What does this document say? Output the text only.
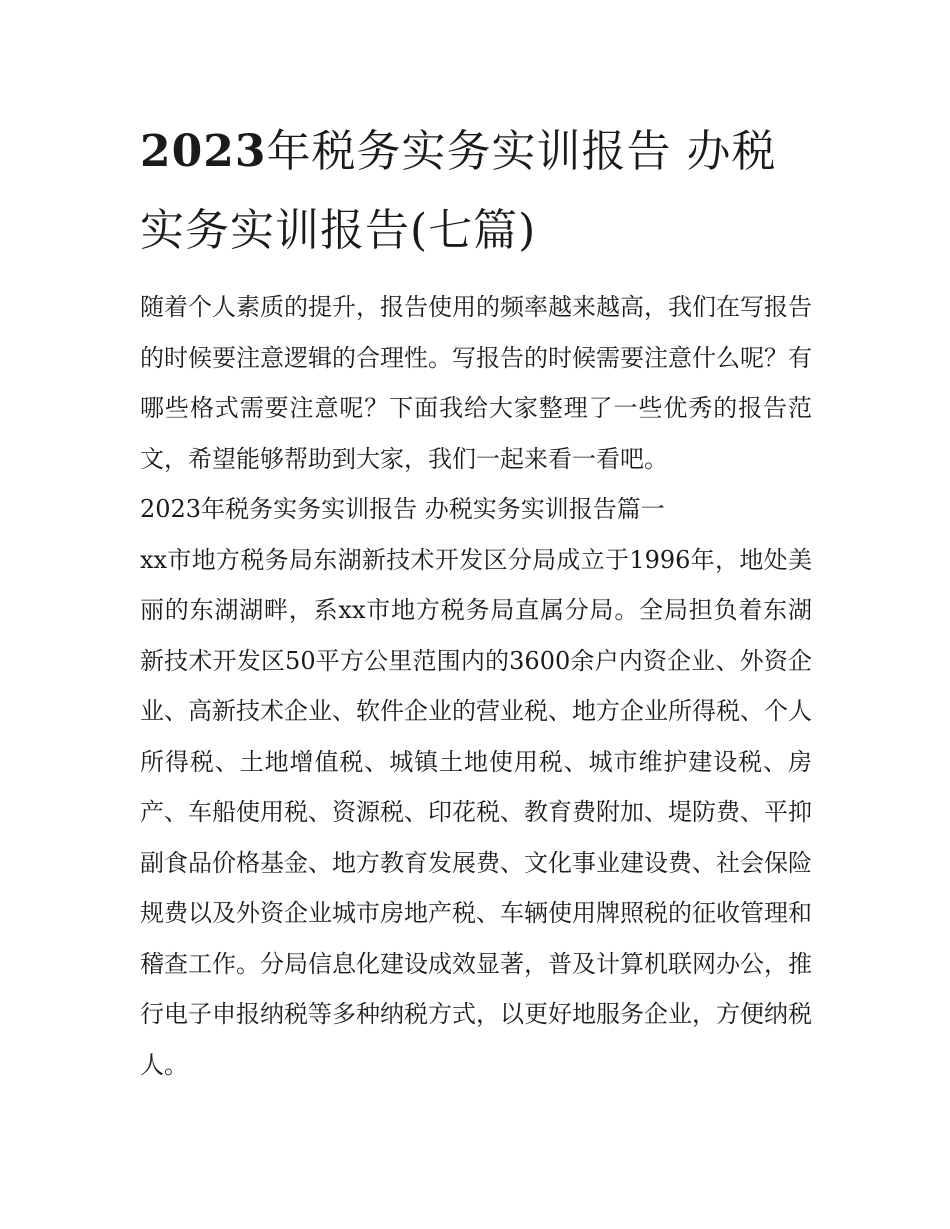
2023年税务实务实训报告 办税实务实训报告(七篇)

随着个人素质的提升，报告使用的频率越来越高，我们在写报告的时候要注意逻辑的合理性。写报告的时候需要注意什么呢？有哪些格式需要注意呢？下面我给大家整理了一些优秀的报告范文，希望能够帮助到大家，我们一起来看一看吧。

2023年税务实务实训报告 办税实务实训报告篇一

xx市地方税务局东湖新技术开发区分局成立于1996年，地处美丽的东湖湖畔，系xx市地方税务局直属分局。全局担负着东湖新技术开发区50平方公里范围内的3600余户内资企业、外资企业、高新技术企业、软件企业的营业税、地方企业所得税、个人所得税、土地增值税、城镇土地使用税、城市维护建设税、房产、车船使用税、资源税、印花税、教育费附加、堤防费、平抑副食品价格基金、地方教育发展费、文化事业建设费、社会保险规费以及外资企业城市房地产税、车辆使用牌照税的征收管理和稽查工作。分局信息化建设成效显著，普及计算机联网办公，推行电子申报纳税等多种纳税方式，以更好地服务企业，方便纳税人。
